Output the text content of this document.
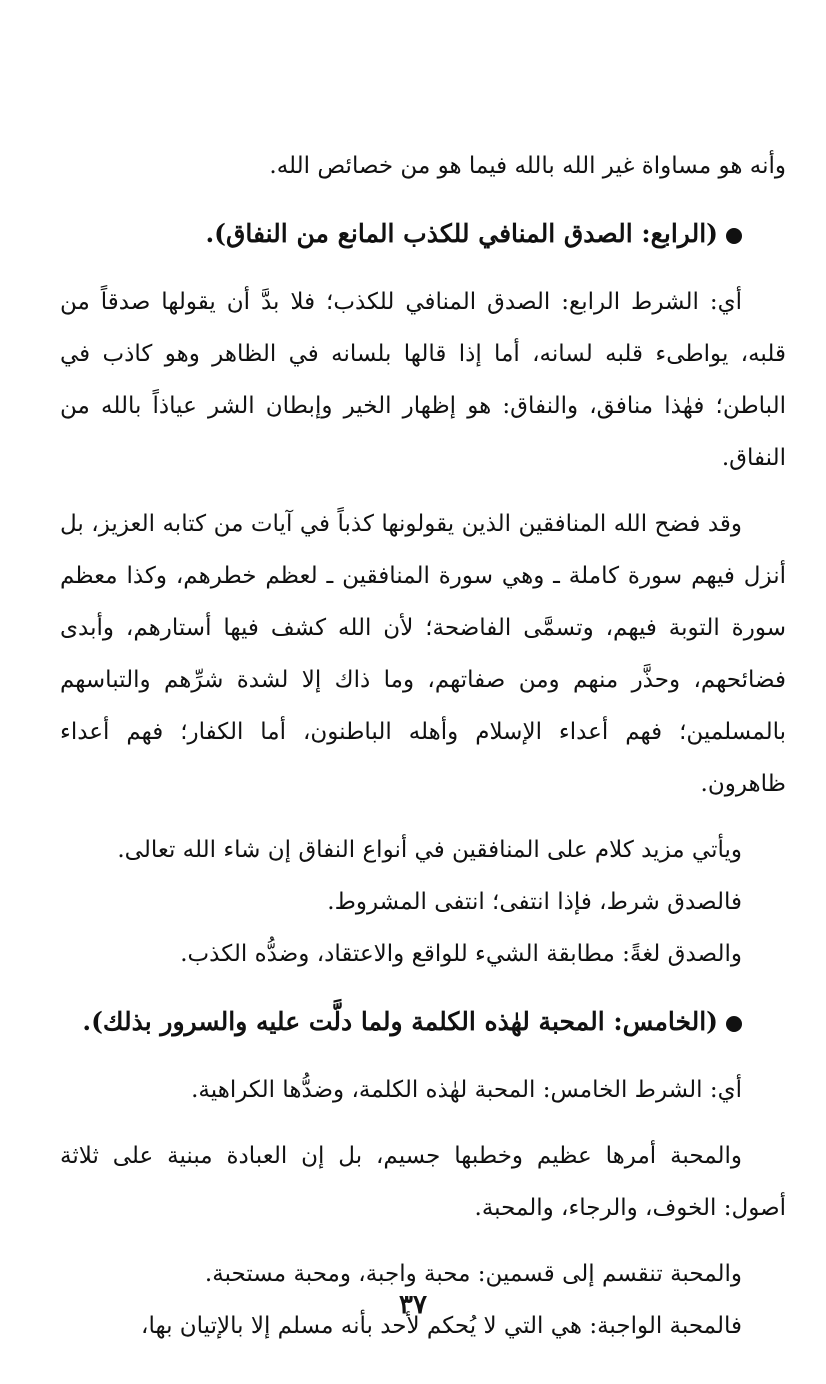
وأنه هو مساواة غير الله بالله فيما هو من خصائص الله.

(الرابع: الصدق المنافي للكذب المانع من النفاق).

أي: الشرط الرابع: الصدق المنافي للكذب؛ فلا بدَّ أن يقولها صدقاً من قلبه، يواطىء قلبه لسانه، أما إذا قالها بلسانه في الظاهر وهو كاذب في الباطن؛ فهٰذا منافق، والنفاق: هو إظهار الخير وإبطان الشر عياذاً بالله من النفاق.

وقد فضح الله المنافقين الذين يقولونها كذباً في آيات من كتابه العزيز، بل أنزل فيهم سورة كاملة ـ وهي سورة المنافقين ـ لعظم خطرهم، وكذا معظم سورة التوبة فيهم، وتسمَّى الفاضحة؛ لأن الله كشف فيها أستارهم، وأبدى فضائحهم، وحذَّر منهم ومن صفاتهم، وما ذاك إلا لشدة شرِّهم والتباسهم بالمسلمين؛ فهم أعداء الإسلام وأهله الباطنون، أما الكفار؛ فهم أعداء ظاهرون.

ويأتي مزيد كلام على المنافقين في أنواع النفاق إن شاء الله تعالى.

فالصدق شرط، فإذا انتفى؛ انتفى المشروط.

والصدق لغةً: مطابقة الشيء للواقع والاعتقاد، وضدُّه الكذب.

(الخامس: المحبة لهٰذه الكلمة ولما دلَّت عليه والسرور بذلك).

أي: الشرط الخامس: المحبة لهٰذه الكلمة، وضدُّها الكراهية.

والمحبة أمرها عظيم وخطبها جسيم، بل إن العبادة مبنية على ثلاثة أصول: الخوف، والرجاء، والمحبة.

والمحبة تنقسم إلى قسمين: محبة واجبة، ومحبة مستحبة.

فالمحبة الواجبة: هي التي لا يُحكم لأحد بأنه مسلم إلا بالإتيان بها،

٣٧
